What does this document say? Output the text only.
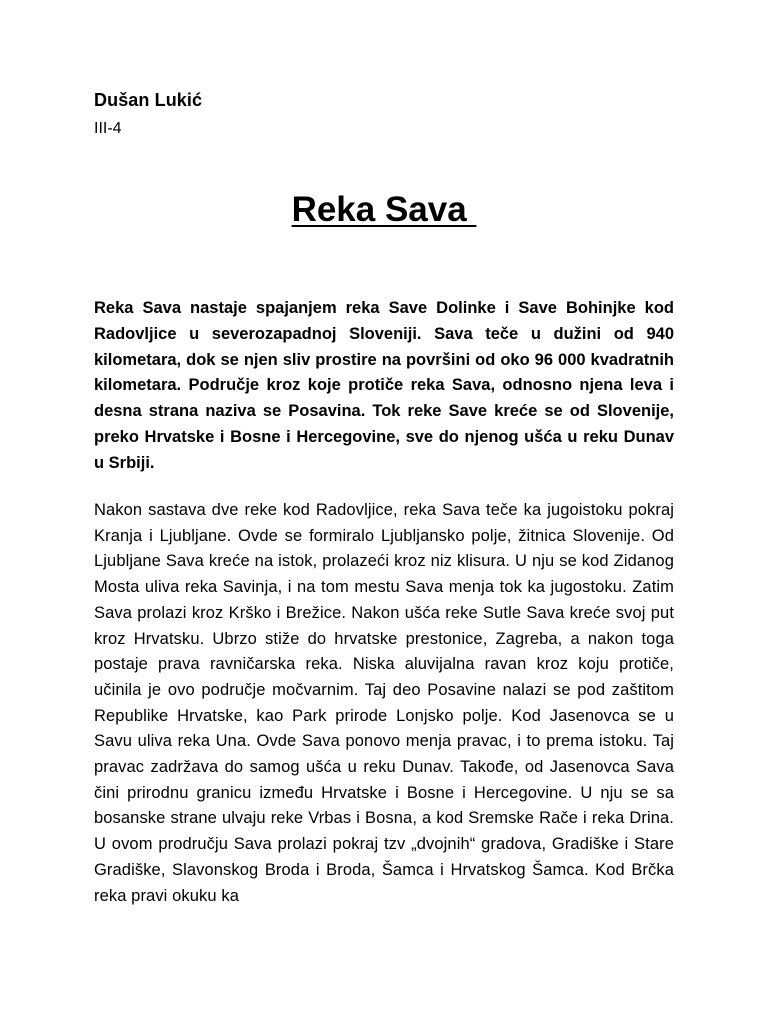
Dušan Lukić
III-4
Reka Sava

Reka Sava nastaje spajanjem reka Save Dolinke i Save Bohinjke kod Radovljice u severozapadnoj Sloveniji. Sava teče u dužini od 940 kilometara, dok se njen sliv prostire na površini od oko 96 000 kvadratnih kilometara. Područje kroz koje protiče reka Sava, odnosno njena leva i desna strana naziva se Posavina. Tok reke Save kreće se od Slovenije, preko Hrvatske i Bosne i Hercegovine, sve do njenog ušća u reku Dunav u Srbiji.

Nakon sastava dve reke kod Radovljice, reka Sava teče ka jugoistoku pokraj Kranja i Ljubljane. Ovde se formiralo Ljubljansko polje, žitnica Slovenije. Od Ljubljane Sava kreće na istok, prolazeći kroz niz klisura. U nju se kod Zidanog Mosta uliva reka Savinja, i na tom mestu Sava menja tok ka jugostoku. Zatim Sava prolazi kroz Krško i Brežice. Nakon ušća reke Sutle Sava kreće svoj put kroz Hrvatsku. Ubrzo stiže do hrvatske prestonice, Zagreba, a nakon toga postaje prava ravničarska reka. Niska aluvijalna ravan kroz koju protiče, učinila je ovo područje močvarnim. Taj deo Posavine nalazi se pod zaštitom Republike Hrvatske, kao Park prirode Lonjsko polje. Kod Jasenovca se u Savu uliva reka Una. Ovde Sava ponovo menja pravac, i to prema istoku. Taj pravac zadržava do samog ušća u reku Dunav. Takođe, od Jasenovca Sava čini prirodnu granicu između Hrvatske i Bosne i Hercegovine. U nju se sa bosanske strane ulvaju reke Vrbas i Bosna, a kod Sremske Rače i reka Drina. U ovom prodručju Sava prolazi pokraj tzv „dvojnih“ gradova, Gradiške i Stare Gradiške, Slavonskog Broda i Broda, Šamca i Hrvatskog Šamca. Kod Brčka reka pravi okuku ka
